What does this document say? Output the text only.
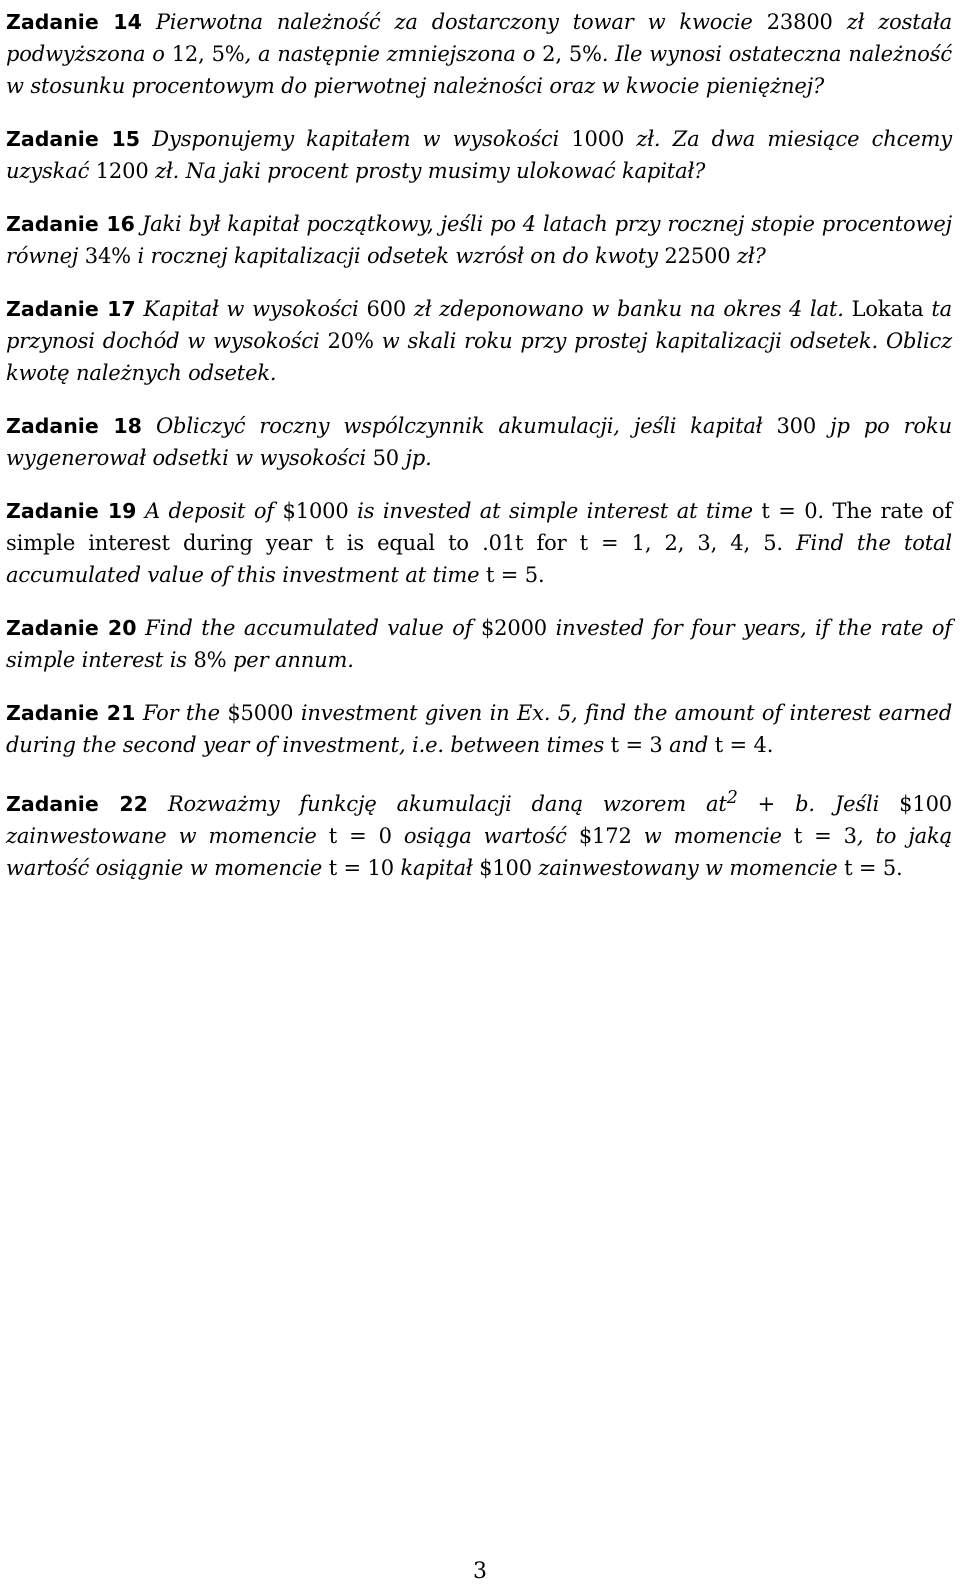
Zadanie 14 Pierwotna należność za dostarczony towar w kwocie 23800 zł została podwyższona o 12, 5%, a następnie zmniejszona o 2, 5%. Ile wynosi ostateczna należność w stosunku procentowym do pierwotnej należności oraz w kwocie pieniężnej?

Zadanie 15 Dysponujemy kapitałem w wysokości 1000 zł. Za dwa miesiące chcemy uzyskać 1200 zł. Na jaki procent prosty musimy ulokować kapitał?

Zadanie 16 Jaki był kapitał początkowy, jeśli po 4 latach przy rocznej stopie procentowej równej 34% i rocznej kapitalizacji odsetek wzrósł on do kwoty 22500 zł?

Zadanie 17 Kapitał w wysokości 600 zł zdeponowano w banku na okres 4 lat. Lokata ta przynosi dochód w wysokości 20% w skali roku przy prostej kapitalizacji odsetek. Oblicz kwotę należnych odsetek.

Zadanie 18 Obliczyć roczny wspólczynnik akumulacji, jeśli kapitał 300 jp po roku wygenerował odsetki w wysokości 50 jp.

Zadanie 19 A deposit of $1000 is invested at simple interest at time t = 0. The rate of simple interest during year t is equal to .01t for t = 1, 2, 3, 4, 5. Find the total accumulated value of this investment at time t = 5.

Zadanie 20 Find the accumulated value of $2000 invested for four years, if the rate of simple interest is 8% per annum.

Zadanie 21 For the $5000 investment given in Ex. 5, find the amount of interest earned during the second year of investment, i.e. between times t = 3 and t = 4.

Zadanie 22 Rozważmy funkcję akumulacji daną wzorem $at^2 + b$. Jeśli $100 zainwestowane w momencie t = 0 osiąga wartość $172 w momencie t = 3, to jaką wartość osiągnie w momencie t = 10 kapitał $100 zainwestowany w momencie t = 5.

3
